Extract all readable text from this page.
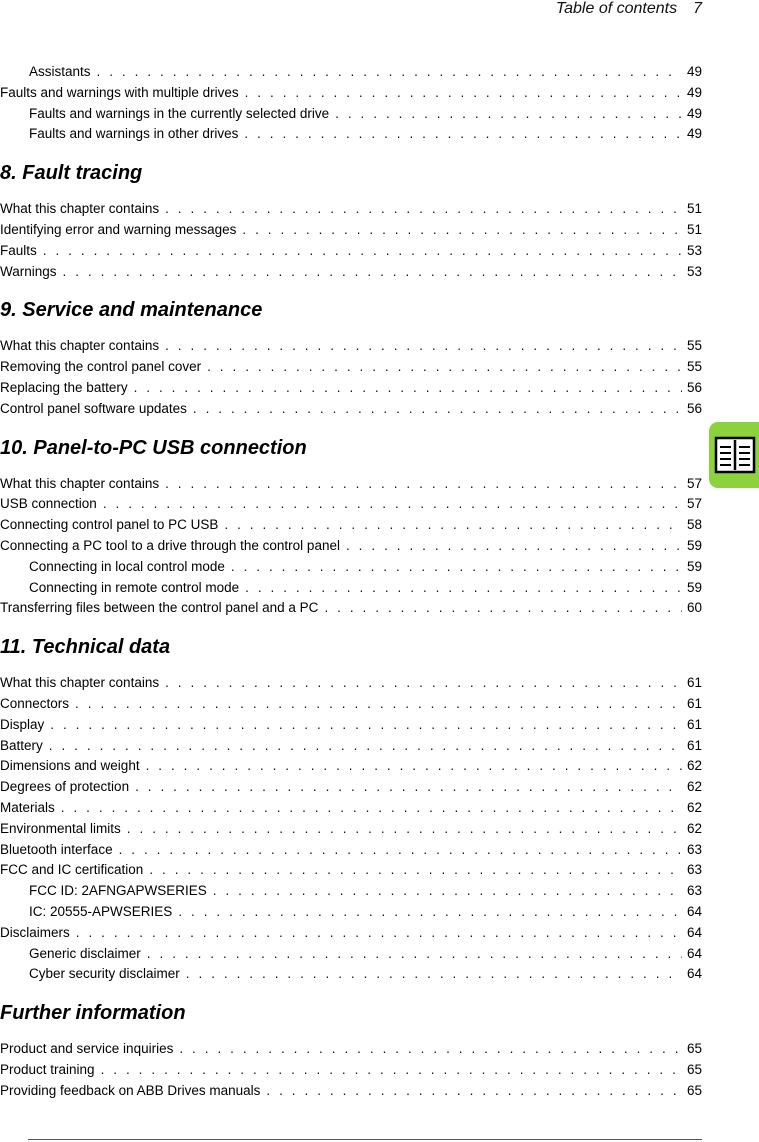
Table of contents 7
Assistants . . .	49
Faults and warnings with multiple drives . . .	49
Faults and warnings in the currently selected drive . . .	49
Faults and warnings in other drives . . .	49
8. Fault tracing
What this chapter contains . . .	51
Identifying error and warning messages . . .	51
Faults . . .	53
Warnings . . .	53
9. Service and maintenance
What this chapter contains . . .	55
Removing the control panel cover . . .	55
Replacing the battery . . .	56
Control panel software updates . . .	56
10. Panel-to-PC USB connection
What this chapter contains . . .	57
USB connection . . .	57
Connecting control panel to PC USB . . .	58
Connecting a PC tool to a drive through the control panel . . .	59
Connecting in local control mode . . .	59
Connecting in remote control mode . . .	59
Transferring files between the control panel and a PC . . .	60
11. Technical data
What this chapter contains . . .	61
Connectors . . .	61
Display . . .	61
Battery . . .	61
Dimensions and weight . . .	62
Degrees of protection . . .	62
Materials . . .	62
Environmental limits . . .	62
Bluetooth interface . . .	63
FCC and IC certification . . .	63
FCC ID: 2AFNGAPWSERIES . . .	63
IC: 20555-APWSERIES . . .	64
Disclaimers . . .	64
Generic disclaimer . . .	64
Cyber security disclaimer . . .	64
Further information
Product and service inquiries . . .	65
Product training . . .	65
Providing feedback on ABB Drives manuals . . .	65
